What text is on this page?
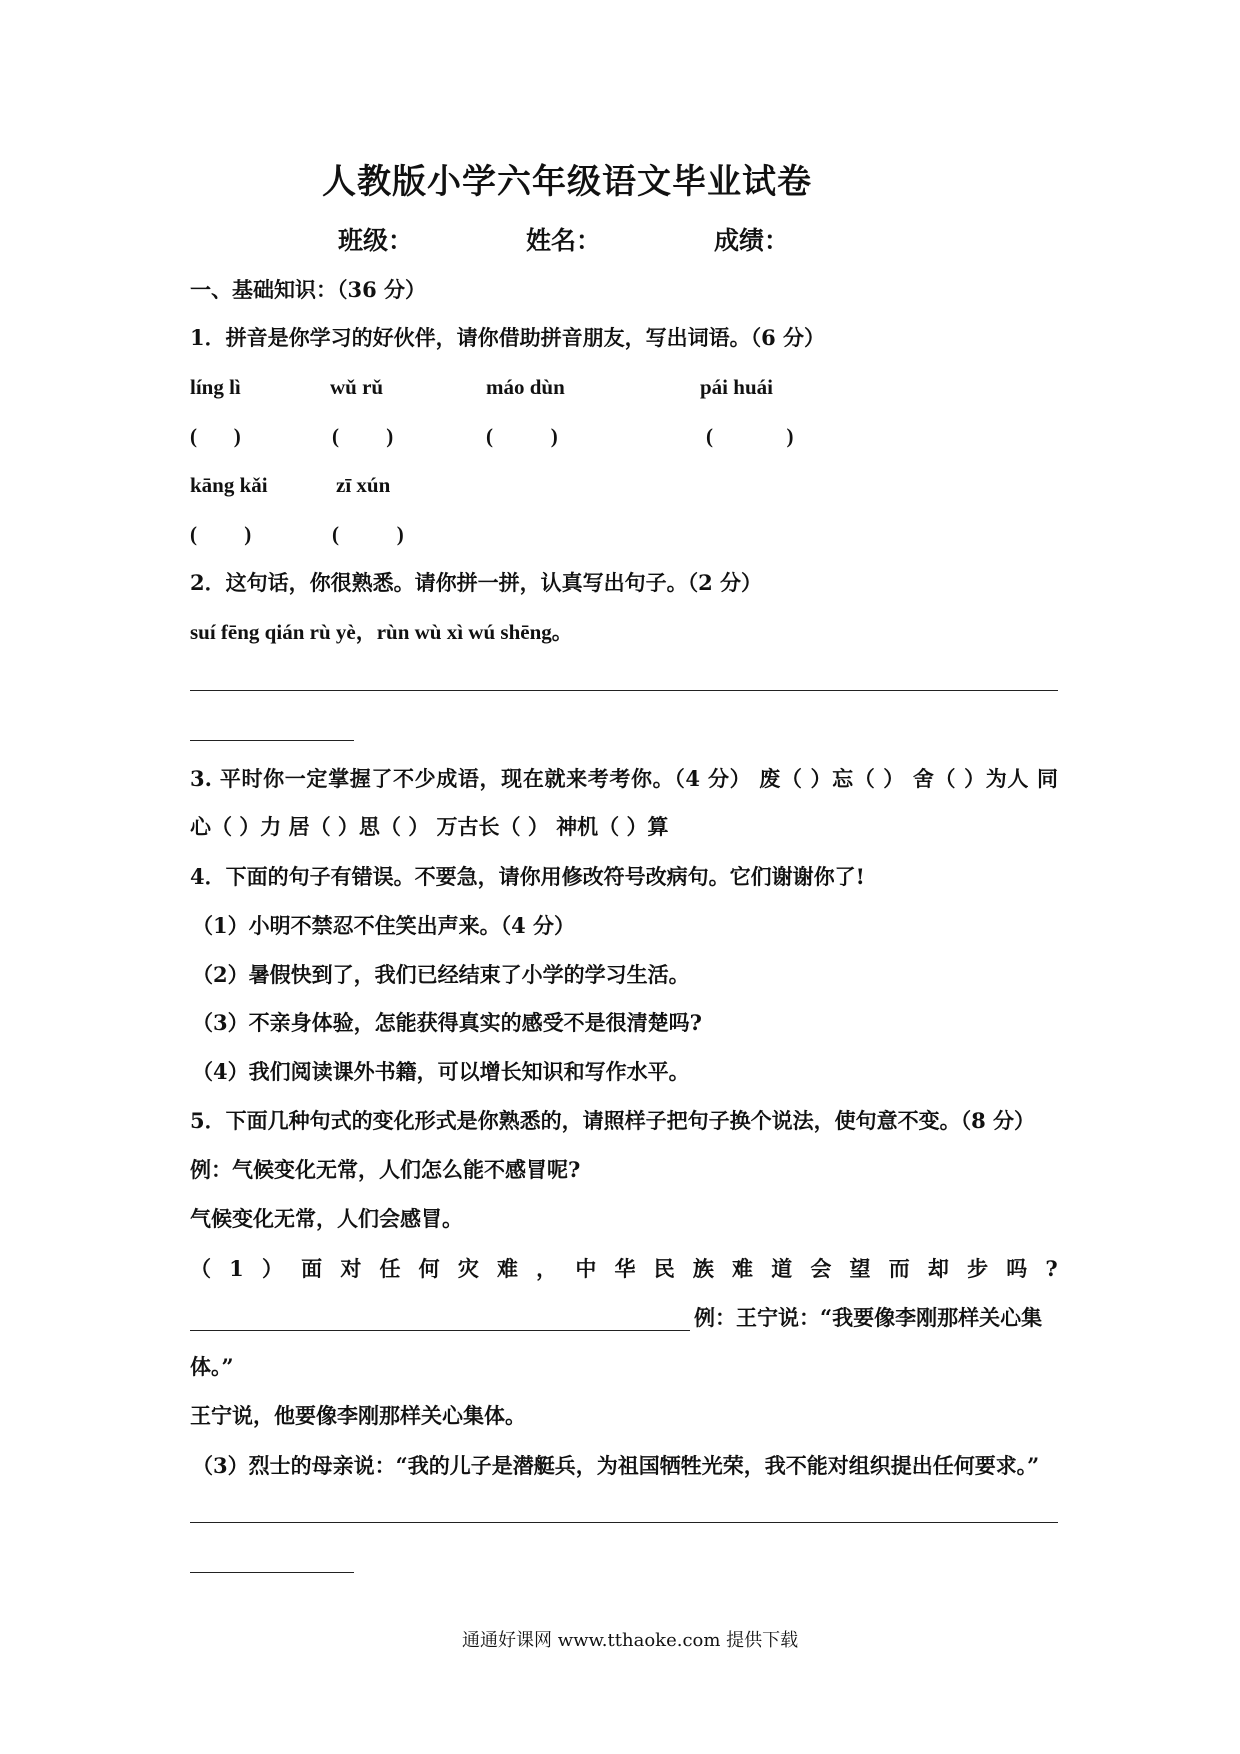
人教版小学六年级语文毕业试卷
班级：	姓名：	成绩：
一、基础知识：（36 分）
1．拼音是你学习的好伙伴，请你借助拼音朋友，写出词语。（6 分）
líng lì	wǔ rǔ	máo dùn	pái huái
(       )	(         )	(           )	(              )
kāng kǎi	zī xún
(         )	(           )
2．这句话，你很熟悉。请你拼一拼，认真写出句子。（2 分）
suí fēng qián rù yè，rùn wù xì wú shēng。
3. 平时你一定掌握了不少成语，现在就来考考你。（4 分） 废（ ）忘（ ） 舍（ ）为人 同
心（ ）力 居（ ）思（ ） 万古长（ ） 神机（ ）算
4．下面的句子有错误。不要急，请你用修改符号改病句。它们谢谢你了!
（1）小明不禁忍不住笑出声来。（4 分）
（2）暑假快到了，我们已经结束了小学的学习生活。
（3）不亲身体验，怎能获得真实的感受不是很清楚吗?
（4）我们阅读课外书籍，可以增长知识和写作水平。
5．下面几种句式的变化形式是你熟悉的，请照样子把句子换个说法，使句意不变。（8 分）
例：气候变化无常，人们怎么能不感冒呢?
气候变化无常，人们会感冒。
（ 1 ） 面 对 任 何 灾 难 ， 中 华 民 族 难 道 会 望 而 却 步 吗 ?
例：王宁说：“我要像李刚那样关心集
体。”
王宁说，他要像李刚那样关心集体。
（3）烈士的母亲说：“我的儿子是潜艇兵，为祖国牺牲光荣，我不能对组织提出任何要求。”
通通好课网 www.tthaoke.com 提供下载
